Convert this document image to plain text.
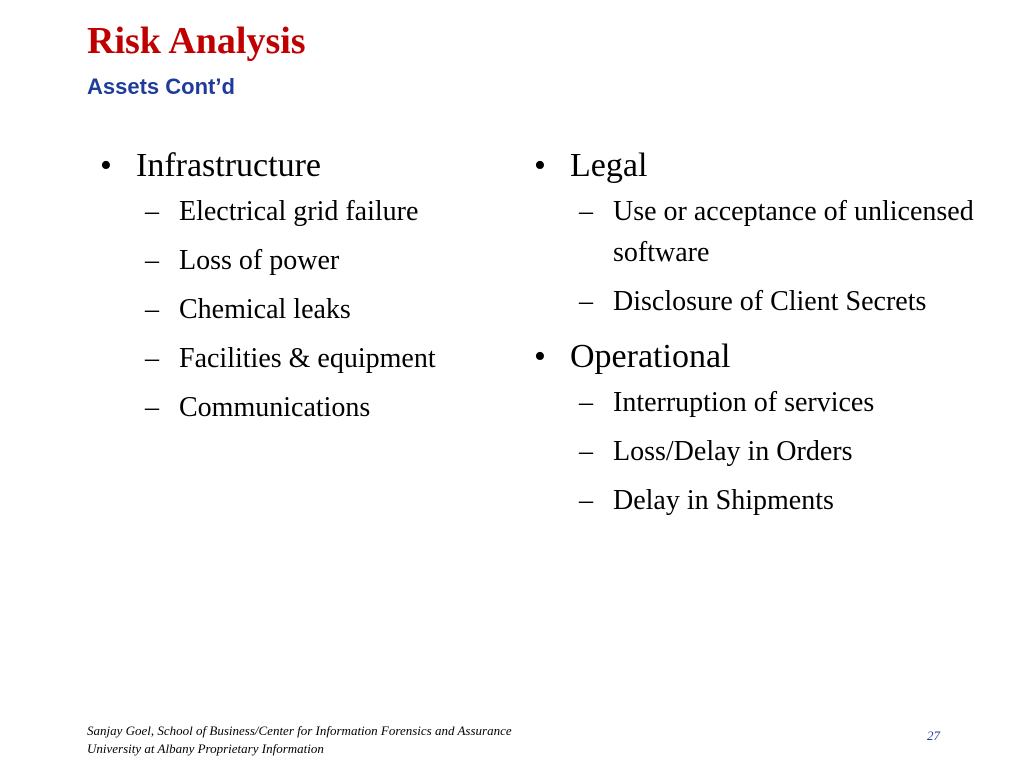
Risk Analysis
Assets Cont’d
• Infrastructure
– Electrical grid failure
– Loss of power
– Chemical leaks
– Facilities & equipment
– Communications
• Legal
– Use or acceptance of unlicensed software
– Disclosure of Client Secrets
• Operational
– Interruption of services
– Loss/Delay in Orders
– Delay in Shipments
Sanjay Goel, School of Business/Center for Information Forensics and Assurance
University at Albany Proprietary Information
27
